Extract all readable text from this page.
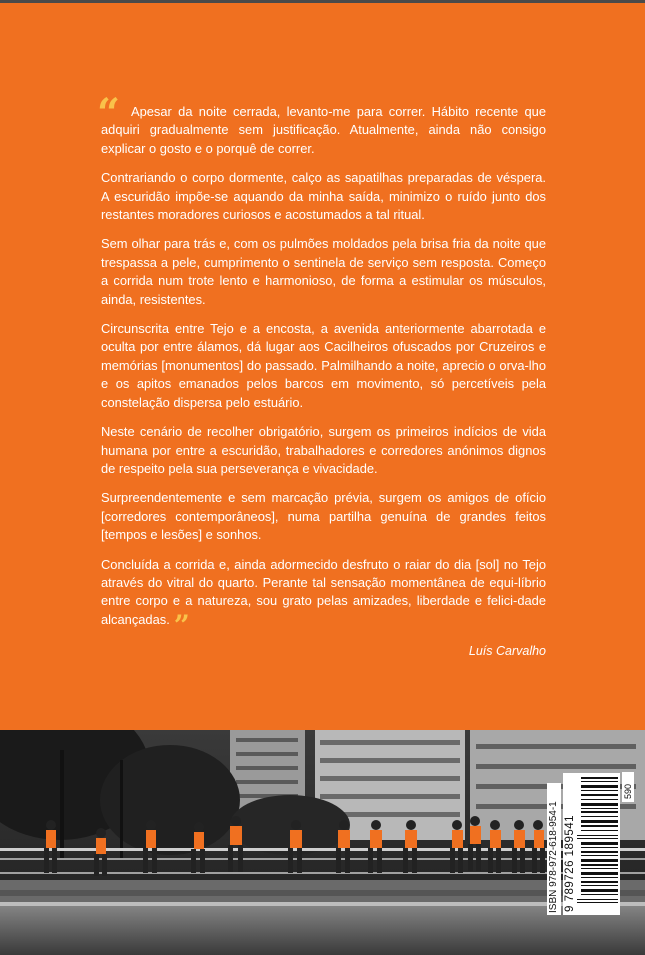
“ Apesar da noite cerrada, levanto-me para correr. Hábito recente que adquiri gradualmente sem justificação. Atualmente, ainda não consigo explicar o gosto e o porquê de correr.

Contrariando o corpo dormente, calço as sapatilhas preparadas de véspera. A escuridão impõe-se aquando da minha saída, minimizo o ruído junto dos restantes moradores curiosos e acostumados a tal ritual.

Sem olhar para trás e, com os pulmões moldados pela brisa fria da noite que trespassa a pele, cumprimento o sentinela de serviço sem resposta. Começo a corrida num trote lento e harmonioso, de forma a estimular os músculos, ainda, resistentes.

Circunscrita entre Tejo e a encosta, a avenida anteriormente abarrotada e oculta por entre álamos, dá lugar aos Cacilheiros ofuscados por Cruzeiros e memórias [monumentos] do passado. Palmilhando a noite, aprecio o orva-lho e os apitos emanados pelos barcos em movimento, só percetíveis pela constelação dispersa pelo estuário.

Neste cenário de recolher obrigatório, surgem os primeiros indícios de vida humana por entre a escuridão, trabalhadores e corredores anónimos dignos de respeito pela sua perseverança e vivacidade.

Surpreendentemente e sem marcação prévia, surgem os amigos de ofício [corredores contemporâneos], numa partilha genuína de grandes feitos [tempos e lesões] e sonhos.

Concluída a corrida e, ainda adormecido desfruto o raiar do dia [sol] no Tejo através do vitral do quarto. Perante tal sensação momentânea de equi-líbrio entre corpo e a natureza, sou grato pelas amizades, liberdade e felici-dade alcançadas. ”

Luís Carvalho
ISBN 978-972-618-954-1 9 789726 189541
590
